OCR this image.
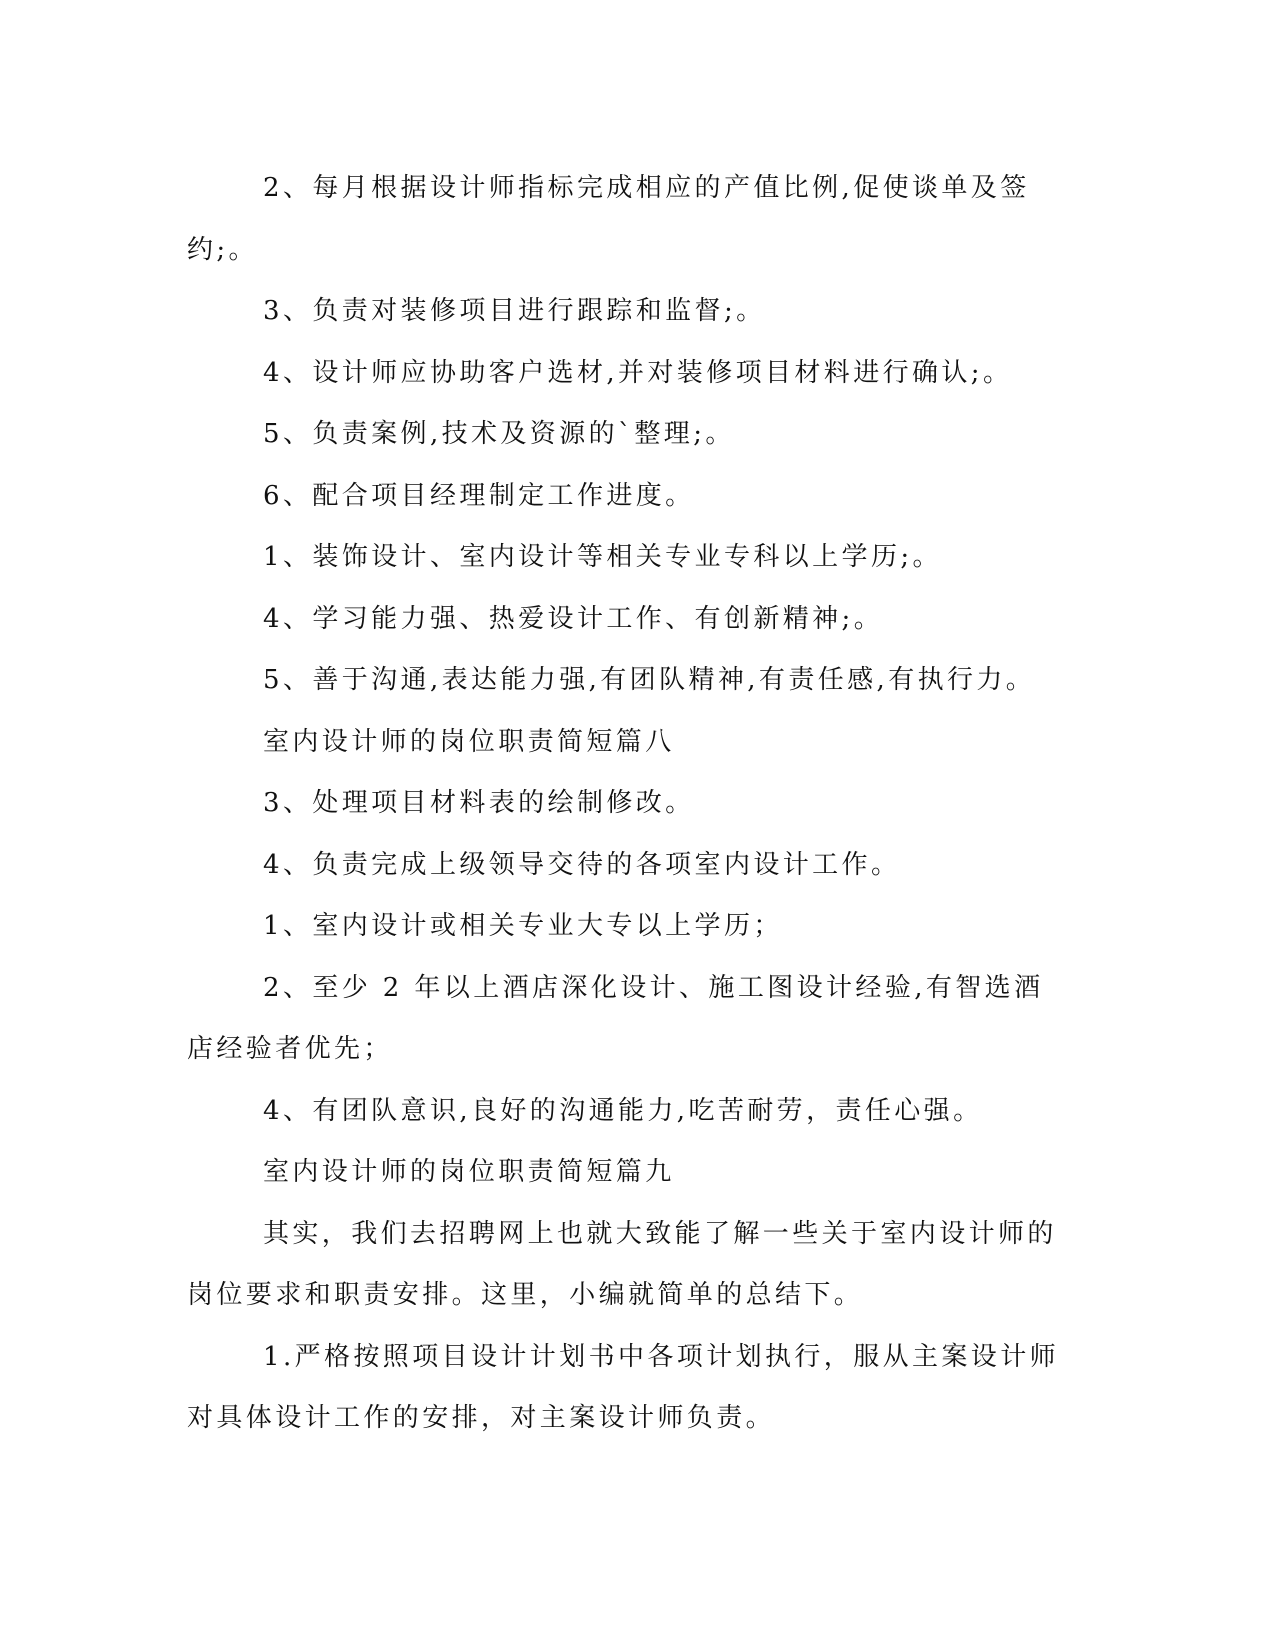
2、每月根据设计师指标完成相应的产值比例,促使谈单及签约;。

3、负责对装修项目进行跟踪和监督;。

4、设计师应协助客户选材,并对装修项目材料进行确认;。

5、负责案例,技术及资源的`整理;。

6、配合项目经理制定工作进度。

1、装饰设计、室内设计等相关专业专科以上学历;。

4、学习能力强、热爱设计工作、有创新精神;。

5、善于沟通,表达能力强,有团队精神,有责任感,有执行力。

室内设计师的岗位职责简短篇八

3、处理项目材料表的绘制修改。

4、负责完成上级领导交待的各项室内设计工作。

1、室内设计或相关专业大专以上学历；

2、至少 2 年以上酒店深化设计、施工图设计经验,有智选酒店经验者优先；

4、有团队意识,良好的沟通能力,吃苦耐劳，责任心强。

室内设计师的岗位职责简短篇九

其实，我们去招聘网上也就大致能了解一些关于室内设计师的岗位要求和职责安排。这里，小编就简单的总结下。

1.严格按照项目设计计划书中各项计划执行，服从主案设计师对具体设计工作的安排，对主案设计师负责。
